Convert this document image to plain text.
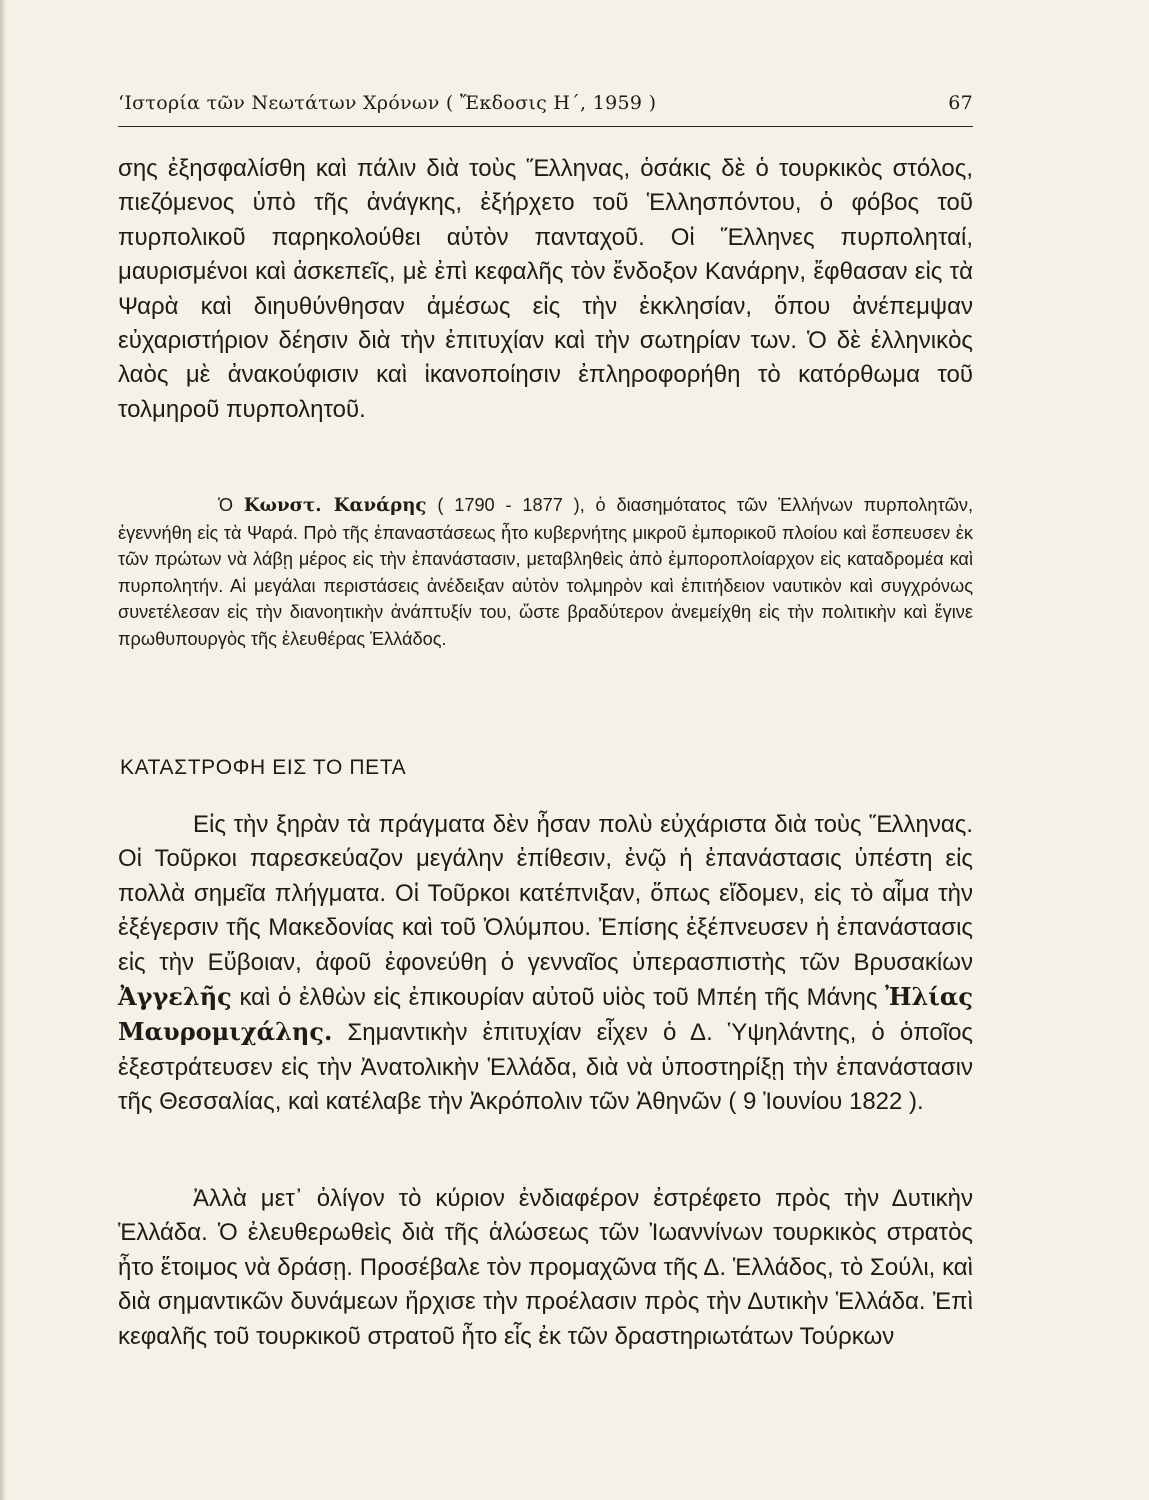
‘Ιστορία τῶν Νεωτάτων Χρόνων ( Ἔκδοσις Η΄, 1959 )	67

σης ἐξησφαλίσθη καὶ πάλιν διὰ τοὺς Ἕλληνας, ὁσάκις δὲ ὁ τουρκικὸς στόλος, πιεζόμενος ὑπὸ τῆς ἀνάγκης, ἐξήρχετο τοῦ Ἑλλησπόντου, ὁ φόβος τοῦ πυρπολικοῦ παρηκολούθει αὐτὸν πανταχοῦ. Οἱ Ἕλληνες πυρποληταί, μαυρισμένοι καὶ ἀσκεπεῖς, μὲ ἐπὶ κεφαλῆς τὸν ἔνδοξον Κανάρην, ἔφθασαν εἰς τὰ Ψαρὰ καὶ διηυθύνθησαν ἀμέσως εἰς τὴν ἐκκλησίαν, ὅπου ἀνέπεμψαν εὐχαριστήριον δέησιν διὰ τὴν ἐπιτυχίαν καὶ τὴν σωτηρίαν των. Ὁ δὲ ἑλληνικὸς λαὸς μὲ ἀνακούφισιν καὶ ἱκανοποίησιν ἐπληροφορήθη τὸ κατόρθωμα τοῦ τολμηροῦ πυρπολητοῦ.

Ὁ Κωνστ. Κανάρης ( 1790 - 1877 ), ὁ διασημότατος τῶν Ἑλλήνων πυρπολητῶν, ἐγεννήθη εἰς τὰ Ψαρά. Πρὸ τῆς ἐπαναστάσεως ἦτο κυβερνήτης μικροῦ ἐμπορικοῦ πλοίου καὶ ἔσπευσεν ἐκ τῶν πρώτων νὰ λάβῃ μέρος εἰς τὴν ἐπανάστασιν, μεταβληθεὶς ἀπὸ ἐμποροπλοίαρχον εἰς καταδρομέα καὶ πυρπολητήν. Αἱ μεγάλαι περιστάσεις ἀνέδειξαν αὐτὸν τολμηρὸν καὶ ἐπιτήδειον ναυτικὸν καὶ συγχρόνως συνετέλεσαν εἰς τὴν διανοητικὴν ἀνάπτυξίν του, ὥστε βραδύτερον ἀνεμείχθη εἰς τὴν πολιτικὴν καὶ ἔγινε πρωθυπουργὸς τῆς ἐλευθέρας Ἑλλάδος.

ΚΑΤΑΣΤΡΟΦΗ ΕΙΣ ΤΟ ΠΕΤΑ

Εἰς τὴν ξηρὰν τὰ πράγματα δὲν ἦσαν πολὺ εὐχάριστα διὰ τοὺς Ἕλληνας. Οἱ Τοῦρκοι παρεσκεύαζον μεγάλην ἐπίθεσιν, ἐνῷ ἡ ἐπανάστασις ὑπέστη εἰς πολλὰ σημεῖα πλήγματα. Οἱ Τοῦρκοι κατέπνιξαν, ὅπως εἴδομεν, εἰς τὸ αἷμα τὴν ἐξέγερσιν τῆς Μακεδονίας καὶ τοῦ Ὀλύμπου. Ἐπίσης ἐξέπνευσεν ἡ ἐπανάστασις εἰς τὴν Εὔβοιαν, ἀφοῦ ἐφονεύθη ὁ γενναῖος ὑπερασπιστὴς τῶν Βρυσακίων Ἀγγελῆς καὶ ὁ ἐλθὼν εἰς ἐπικουρίαν αὐτοῦ υἱὸς τοῦ Μπέη τῆς Μάνης Ἠλίας Μαυρομιχάλης. Σημαντικὴν ἐπιτυχίαν εἶχεν ὁ Δ. Ὑψηλάντης, ὁ ὁποῖος ἐξεστράτευσεν εἰς τὴν Ἀνατολικὴν Ἑλλάδα, διὰ νὰ ὑποστηρίξῃ τὴν ἐπανάστασιν τῆς Θεσσαλίας, καὶ κατέλαβε τὴν Ἀκρόπολιν τῶν Ἀθηνῶν ( 9 Ἰουνίου 1822 ).

Ἀλλὰ μετ᾽ ὀλίγον τὸ κύριον ἐνδιαφέρον ἐστρέφετο πρὸς τὴν Δυτικὴν Ἑλλάδα. Ὁ ἐλευθερωθεὶς διὰ τῆς ἁλώσεως τῶν Ἰωαννίνων τουρκικὸς στρατὸς ἦτο ἕτοιμος νὰ δράσῃ. Προσέβαλε τὸν προμαχῶνα τῆς Δ. Ἑλλάδος, τὸ Σούλι, καὶ διὰ σημαντικῶν δυνάμεων ἤρχισε τὴν προέλασιν πρὸς τὴν Δυτικὴν Ἑλλάδα. Ἐπὶ κεφαλῆς τοῦ τουρκικοῦ στρατοῦ ἦτο εἷς ἐκ τῶν δραστηριωτάτων Τούρκων
